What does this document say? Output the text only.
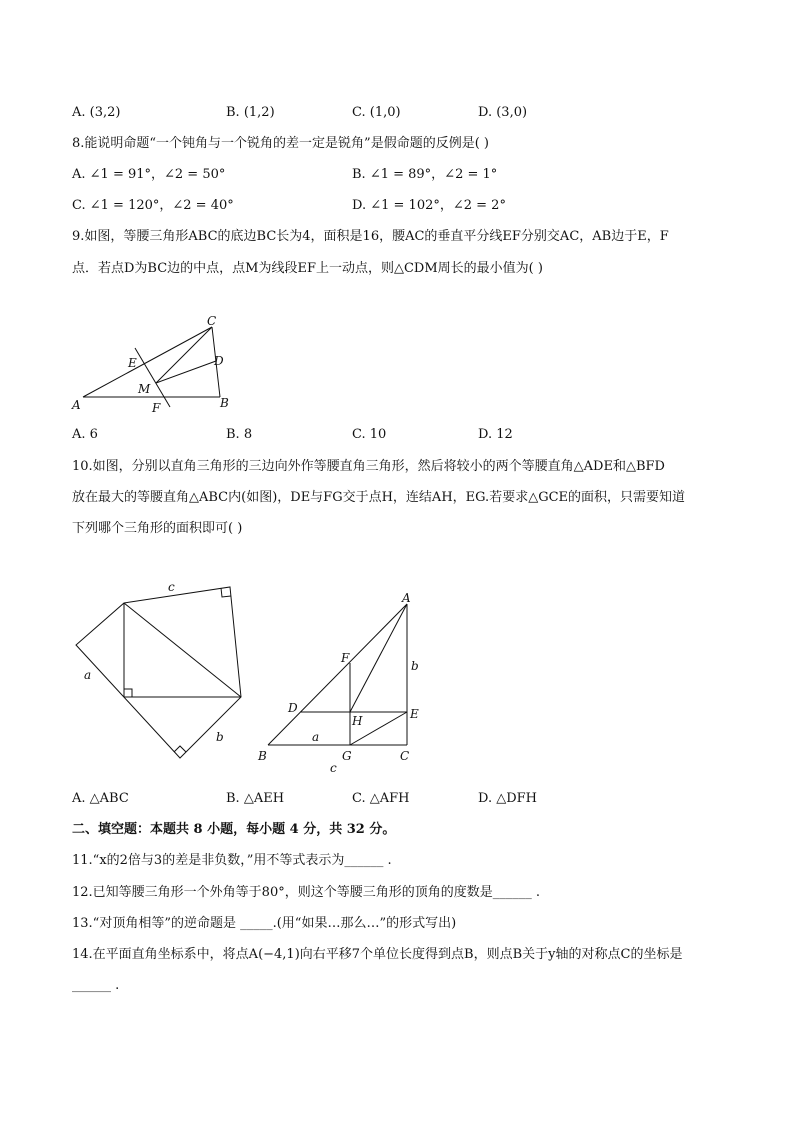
A. (3,2)	B. (1,2)	C. (1,0)	D. (3,0)
8.能说明命题“一个钝角与一个锐角的差一定是锐角”是假命题的反例是( )
A. ∠1 = 91°，∠2 = 50°	B. ∠1 = 89°，∠2 = 1°
C. ∠1 = 120°，∠2 = 40°	D. ∠1 = 102°，∠2 = 2°
9.如图，等腰三角形ABC的底边BC长为4，面积是16，腰AC的垂直平分线EF分别交AC，AB边于E，F
点．若点D为BC边的中点，点M为线段EF上一动点，则△CDM周长的最小值为( )
C
E	D
M
A	F	B
A. 6	B. 8	C. 10	D. 12
10.如图，分别以直角三角形的三边向外作等腰直角三角形，然后将较小的两个等腰直角△ADE和△BFD
放在最大的等腰直角△ABC内(如图)，DE与FG交于点H，连结AH，EG.若要求△GCE的面积，只需要知道
下列哪个三角形的面积即可( )
c
a
b
A
F
b
D
H	E
a
B	G	C
c
A. △ABC	B. △AEH	C. △AFH	D. △DFH
二、填空题：本题共 8 小题，每小题 4 分，共 32 分。
11.“x的2倍与3的差是非负数，”用不等式表示为______ .
12.已知等腰三角形一个外角等于80°，则这个等腰三角形的顶角的度数是______ .
13.“对顶角相等”的逆命题是 _____.(用“如果…那么…”的形式写出)
14.在平面直角坐标系中，将点A(−4,1)向右平移7个单位长度得到点B，则点B关于y轴的对称点C的坐标是
______ .
